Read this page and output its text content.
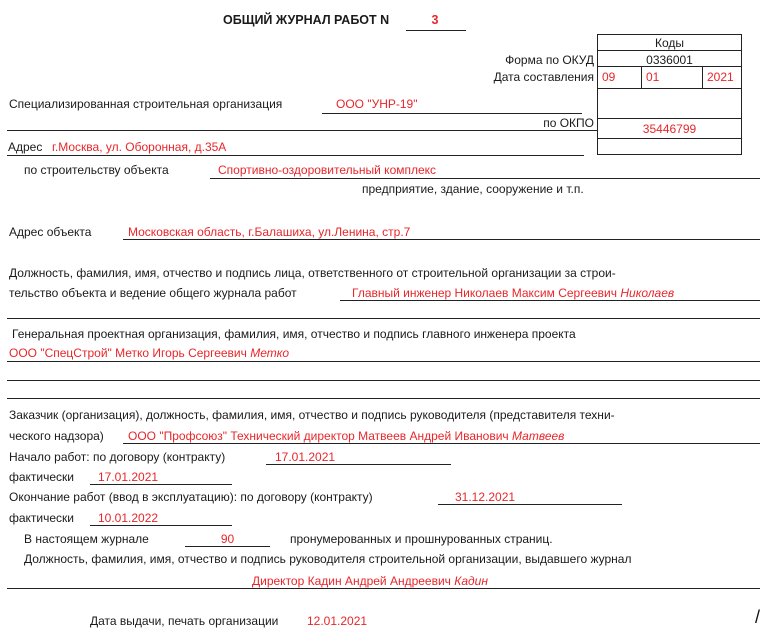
ОБЩИЙ ЖУРНАЛ РАБОТ N	3
Коды
Форма по ОКУД	0336001
Дата составления 09	01	2021
по ОКПО	35446799
Специализированная строительная организация	ООО "УНР-19"
Адрес г.Москва, ул. Оборонная, д.35А
по строительству объекта	Спортивно-оздоровительный комплекс
предприятие, здание, сооружение и т.п.
Адрес объекта	Московская область, г.Балашиха, ул.Ленина, стр.7
Должность, фамилия, имя, отчество и подпись лица, ответственного от строительной организации за строи-
тельство объекта и ведение общего журнала работ	Главный инженер Николаев Максим Сергеевич Николаев
Генеральная проектная организация, фамилия, имя, отчество и подпись главного инженера проекта
ООО "СпецСтрой" Метко Игорь Сергеевич Метко
Заказчик (организация), должность, фамилия, имя, отчество и подпись руководителя (представителя техни-
ческого надзора) ООО "Профсоюз" Технический директор Матвеев Андрей Иванович Матвеев
Начало работ: по договору (контракту)	17.01.2021
фактически 17.01.2021
Окончание работ (ввод в эксплуатацию): по договору (контракту)	31.12.2021
фактически 10.01.2022
В настоящем журнале	90	пронумерованных и прошнурованных страниц.
Должность, фамилия, имя, отчество и подпись руководителя строительной организации, выдавшего журнал
Директор Кадин Андрей Андреевич Кадин
Дата выдачи, печать организации 12.01.2021	/
